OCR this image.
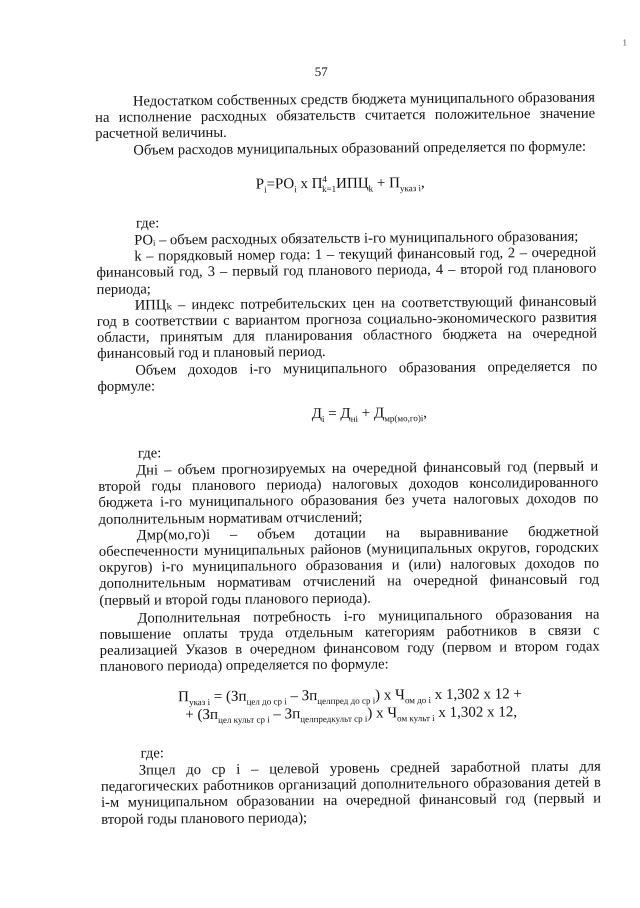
57
1

Недостатком собственных средств бюджета муниципального образования на исполнение расходных обязательств считается положительное значение расчетной величины.

Объем расходов муниципальных образований определяется по формуле:

$P_i=PO_i$ х $П^4_{k=1}ИПЦ_k + П_{указ i}$,
где:

РОᵢ – объем расходных обязательств i-го муниципального образования;

k – порядковый номер года: 1 – текущий финансовый год, 2 – очередной финансовый год, 3 – первый год планового периода, 4 – второй год планового периода;

ИПЦₖ – индекс потребительских цен на соответствующий финансовый год в соответствии с вариантом прогноза социально-экономического развития области, принятым для планирования областного бюджета на очередной финансовый год и плановый период.

Объем доходов i-го муниципального образования определяется по формуле:

$Д_i = Д_{нi} + Д_{мр(мо,го)i}$,
где:

Днi – объем прогнозируемых на очередной финансовый год (первый и второй годы планового периода) налоговых доходов консолидированного бюджета i-го муниципального образования без учета налоговых доходов по дополнительным нормативам отчислений;

Дмр(мо,го)i – объем дотации на выравнивание бюджетной обеспеченности муниципальных районов (муниципальных округов, городских округов) i-го муниципального образования и (или) налоговых доходов по дополнительным нормативам отчислений на очередной финансовый год (первый и второй годы планового периода).

Дополнительная потребность i-го муниципального образования на повышение оплаты труда отдельным категориям работников в связи с реализацией Указов в очередном финансовом году (первом и втором годах планового периода) определяется по формуле:

$П_{указ i} = (Зп_{цел до ср i} - Зп_{целпред до ср i})$ х $Ч_{ом до i}$ х 1,302 х 12 +
+ $(Зп_{цел культ ср i} - Зп_{целпредкульт ср i})$ х $Ч_{ом культ i}$ х 1,302 х 12,
где:

Зпцел до ср i – целевой уровень средней заработной платы для педагогических работников организаций дополнительного образования детей в i-м муниципальном образовании на очередной финансовый год (первый и второй годы планового периода);
